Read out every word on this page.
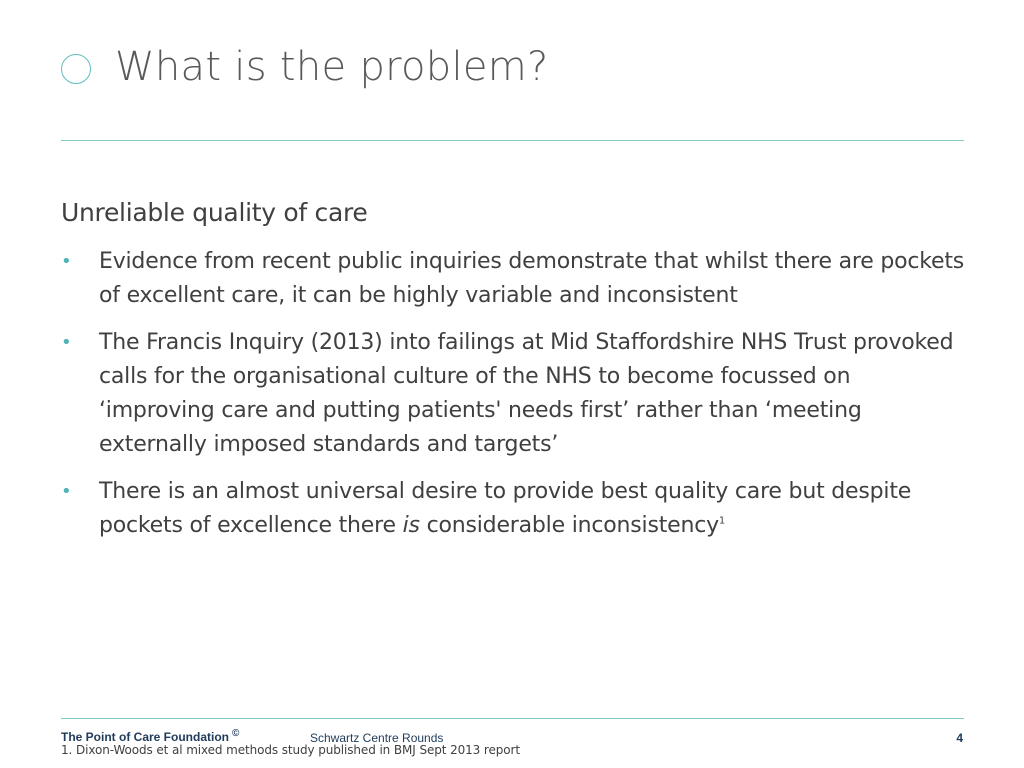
What is the problem?
Unreliable quality of care
• Evidence from recent public inquiries demonstrate that whilst there are pockets of excellent care, it can be highly variable and inconsistent
• The Francis Inquiry (2013) into failings at Mid Staffordshire NHS Trust provoked calls for the organisational culture of the NHS to become focussed on ‘improving care and putting patients' needs first’ rather than ‘meeting externally imposed standards and targets’
• There is an almost universal desire to provide best quality care but despite pockets of excellence there is considerable inconsistency$^1$
The Point of Care Foundation ©	Schwartz Centre Rounds	4
1. Dixon-Woods et al mixed methods study published in BMJ Sept 2013 report
